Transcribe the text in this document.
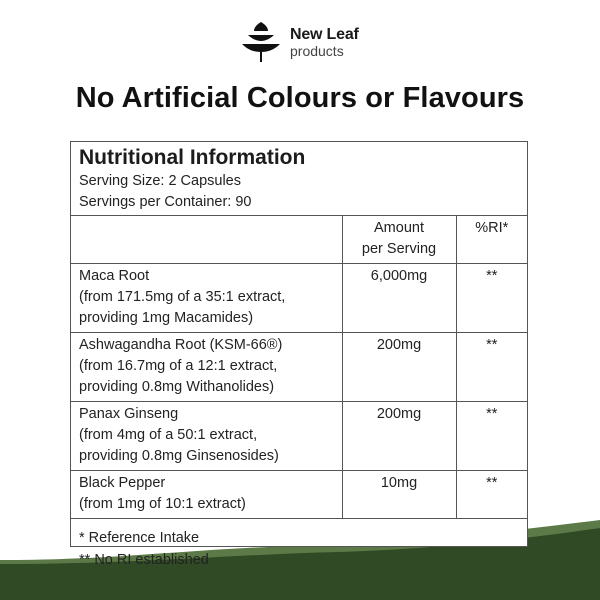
New Leaf
products
No Artificial Colours or Flavours
Nutritional Information
Serving Size: 2 Capsules
Servings per Container: 90

	Amount
per Serving	%RI*

Maca Root
(from 171.5mg of a 35:1 extract,
providing 1mg Macamides)	6,000mg	**

Ashwagandha Root (KSM-66®)
(from 16.7mg of a 12:1 extract,
providing 0.8mg Withanolides)	200mg	**

Panax Ginseng
(from 4mg of a 50:1 extract,
providing 0.8mg Ginsenosides)	200mg	**

Black Pepper
(from 1mg of 10:1 extract)	10mg	**
* Reference Intake
** No RI established
